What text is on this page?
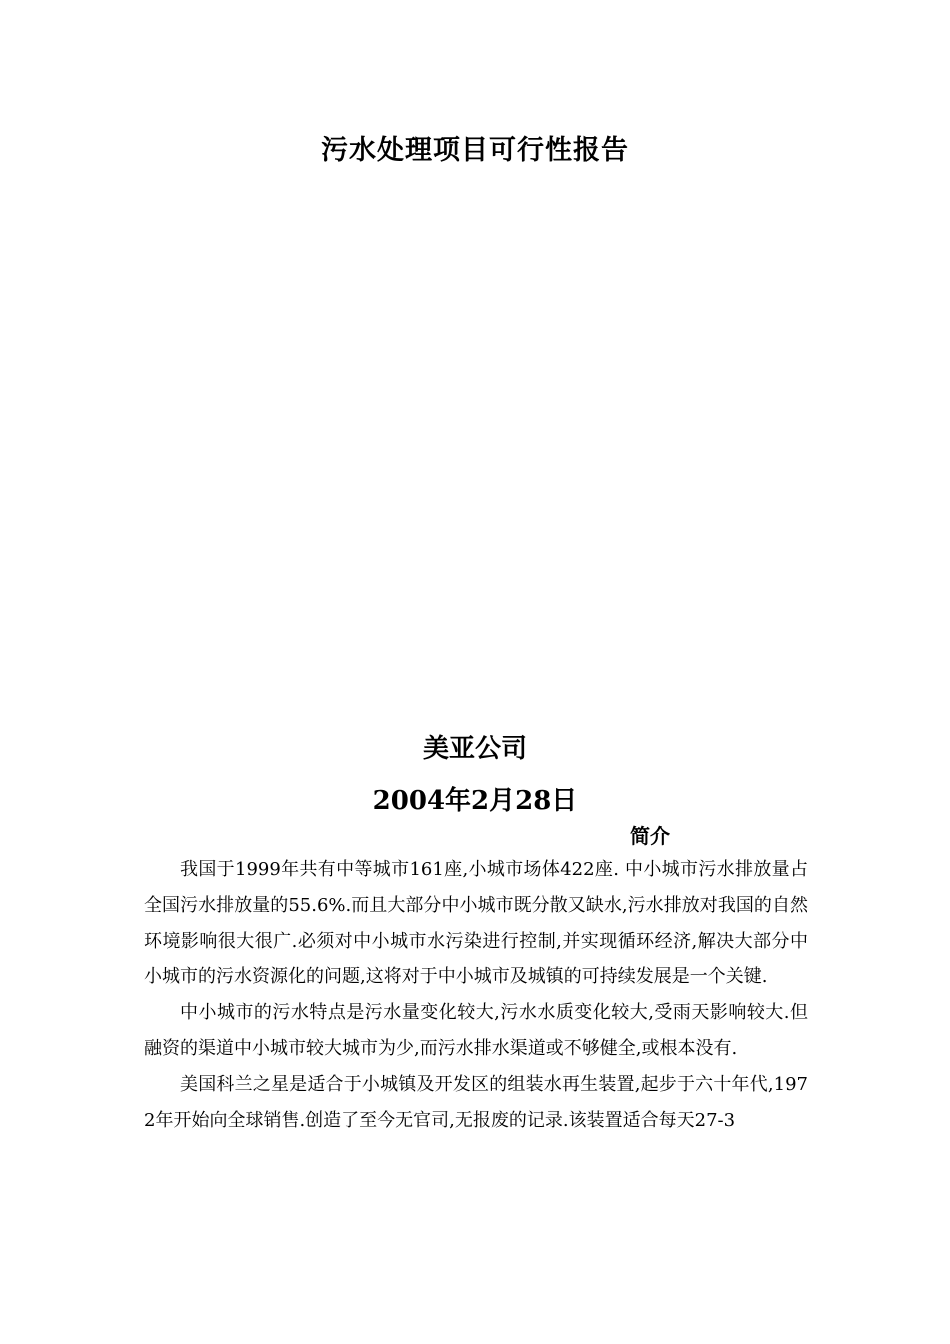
污水处理项目可行性报告
美亚公司
2004年2月28日
简介

我国于1999年共有中等城市161座,小城市场体422座. 中小城市污水排放量占全国污水排放量的55.6%.而且大部分中小城市既分散又缺水,污水排放对我国的自然环境影响很大很广.必须对中小城市水污染进行控制,并实现循环经济,解决大部分中小城市的污水资源化的问题,这将对于中小城市及城镇的可持续发展是一个关键.

中小城市的污水特点是污水量变化较大,污水水质变化较大,受雨天影响较大.但融资的渠道中小城市较大城市为少,而污水排水渠道或不够健全,或根本没有.

美国科兰之星是适合于小城镇及开发区的组装水再生装置,起步于六十年代,1972年开始向全球销售.创造了至今无官司,无报废的记录.该装置适合每天27-3
